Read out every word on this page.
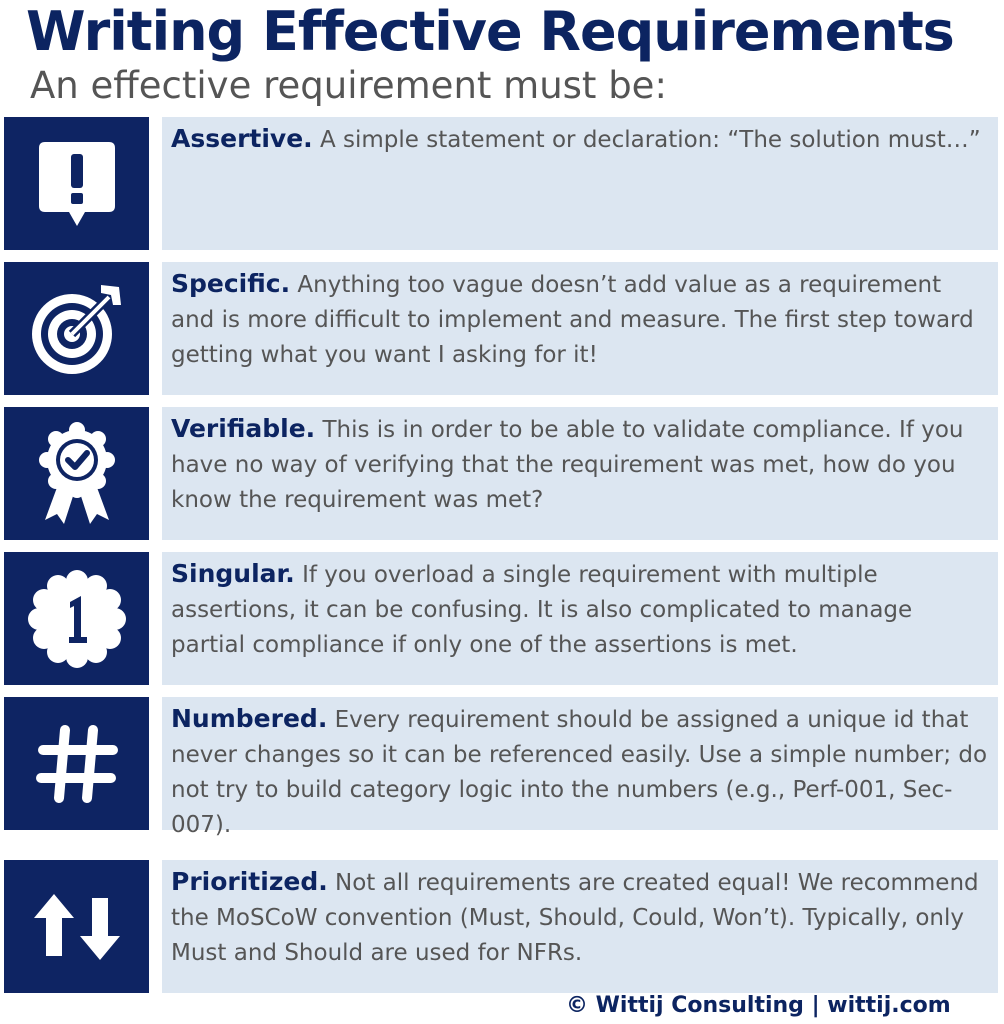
Writing Effective Requirements
An effective requirement must be:

Assertive. A simple statement or declaration: “The solution must…”

Specific. Anything too vague doesn’t add value as a requirement and is more difficult to implement and measure. The first step toward getting what you want I asking for it!

Verifiable. This is in order to be able to validate compliance. If you have no way of verifying that the requirement was met, how do you know the requirement was met?

Singular. If you overload a single requirement with multiple assertions, it can be confusing. It is also complicated to manage partial compliance if only one of the assertions is met.

Numbered. Every requirement should be assigned a unique id that never changes so it can be referenced easily. Use a simple number; do not try to build category logic into the numbers (e.g., Perf-001, Sec-007).

Prioritized. Not all requirements are created equal! We recommend the MoSCoW convention (Must, Should, Could, Won’t). Typically, only Must and Should are used for NFRs.

© Wittij Consulting | wittij.com
